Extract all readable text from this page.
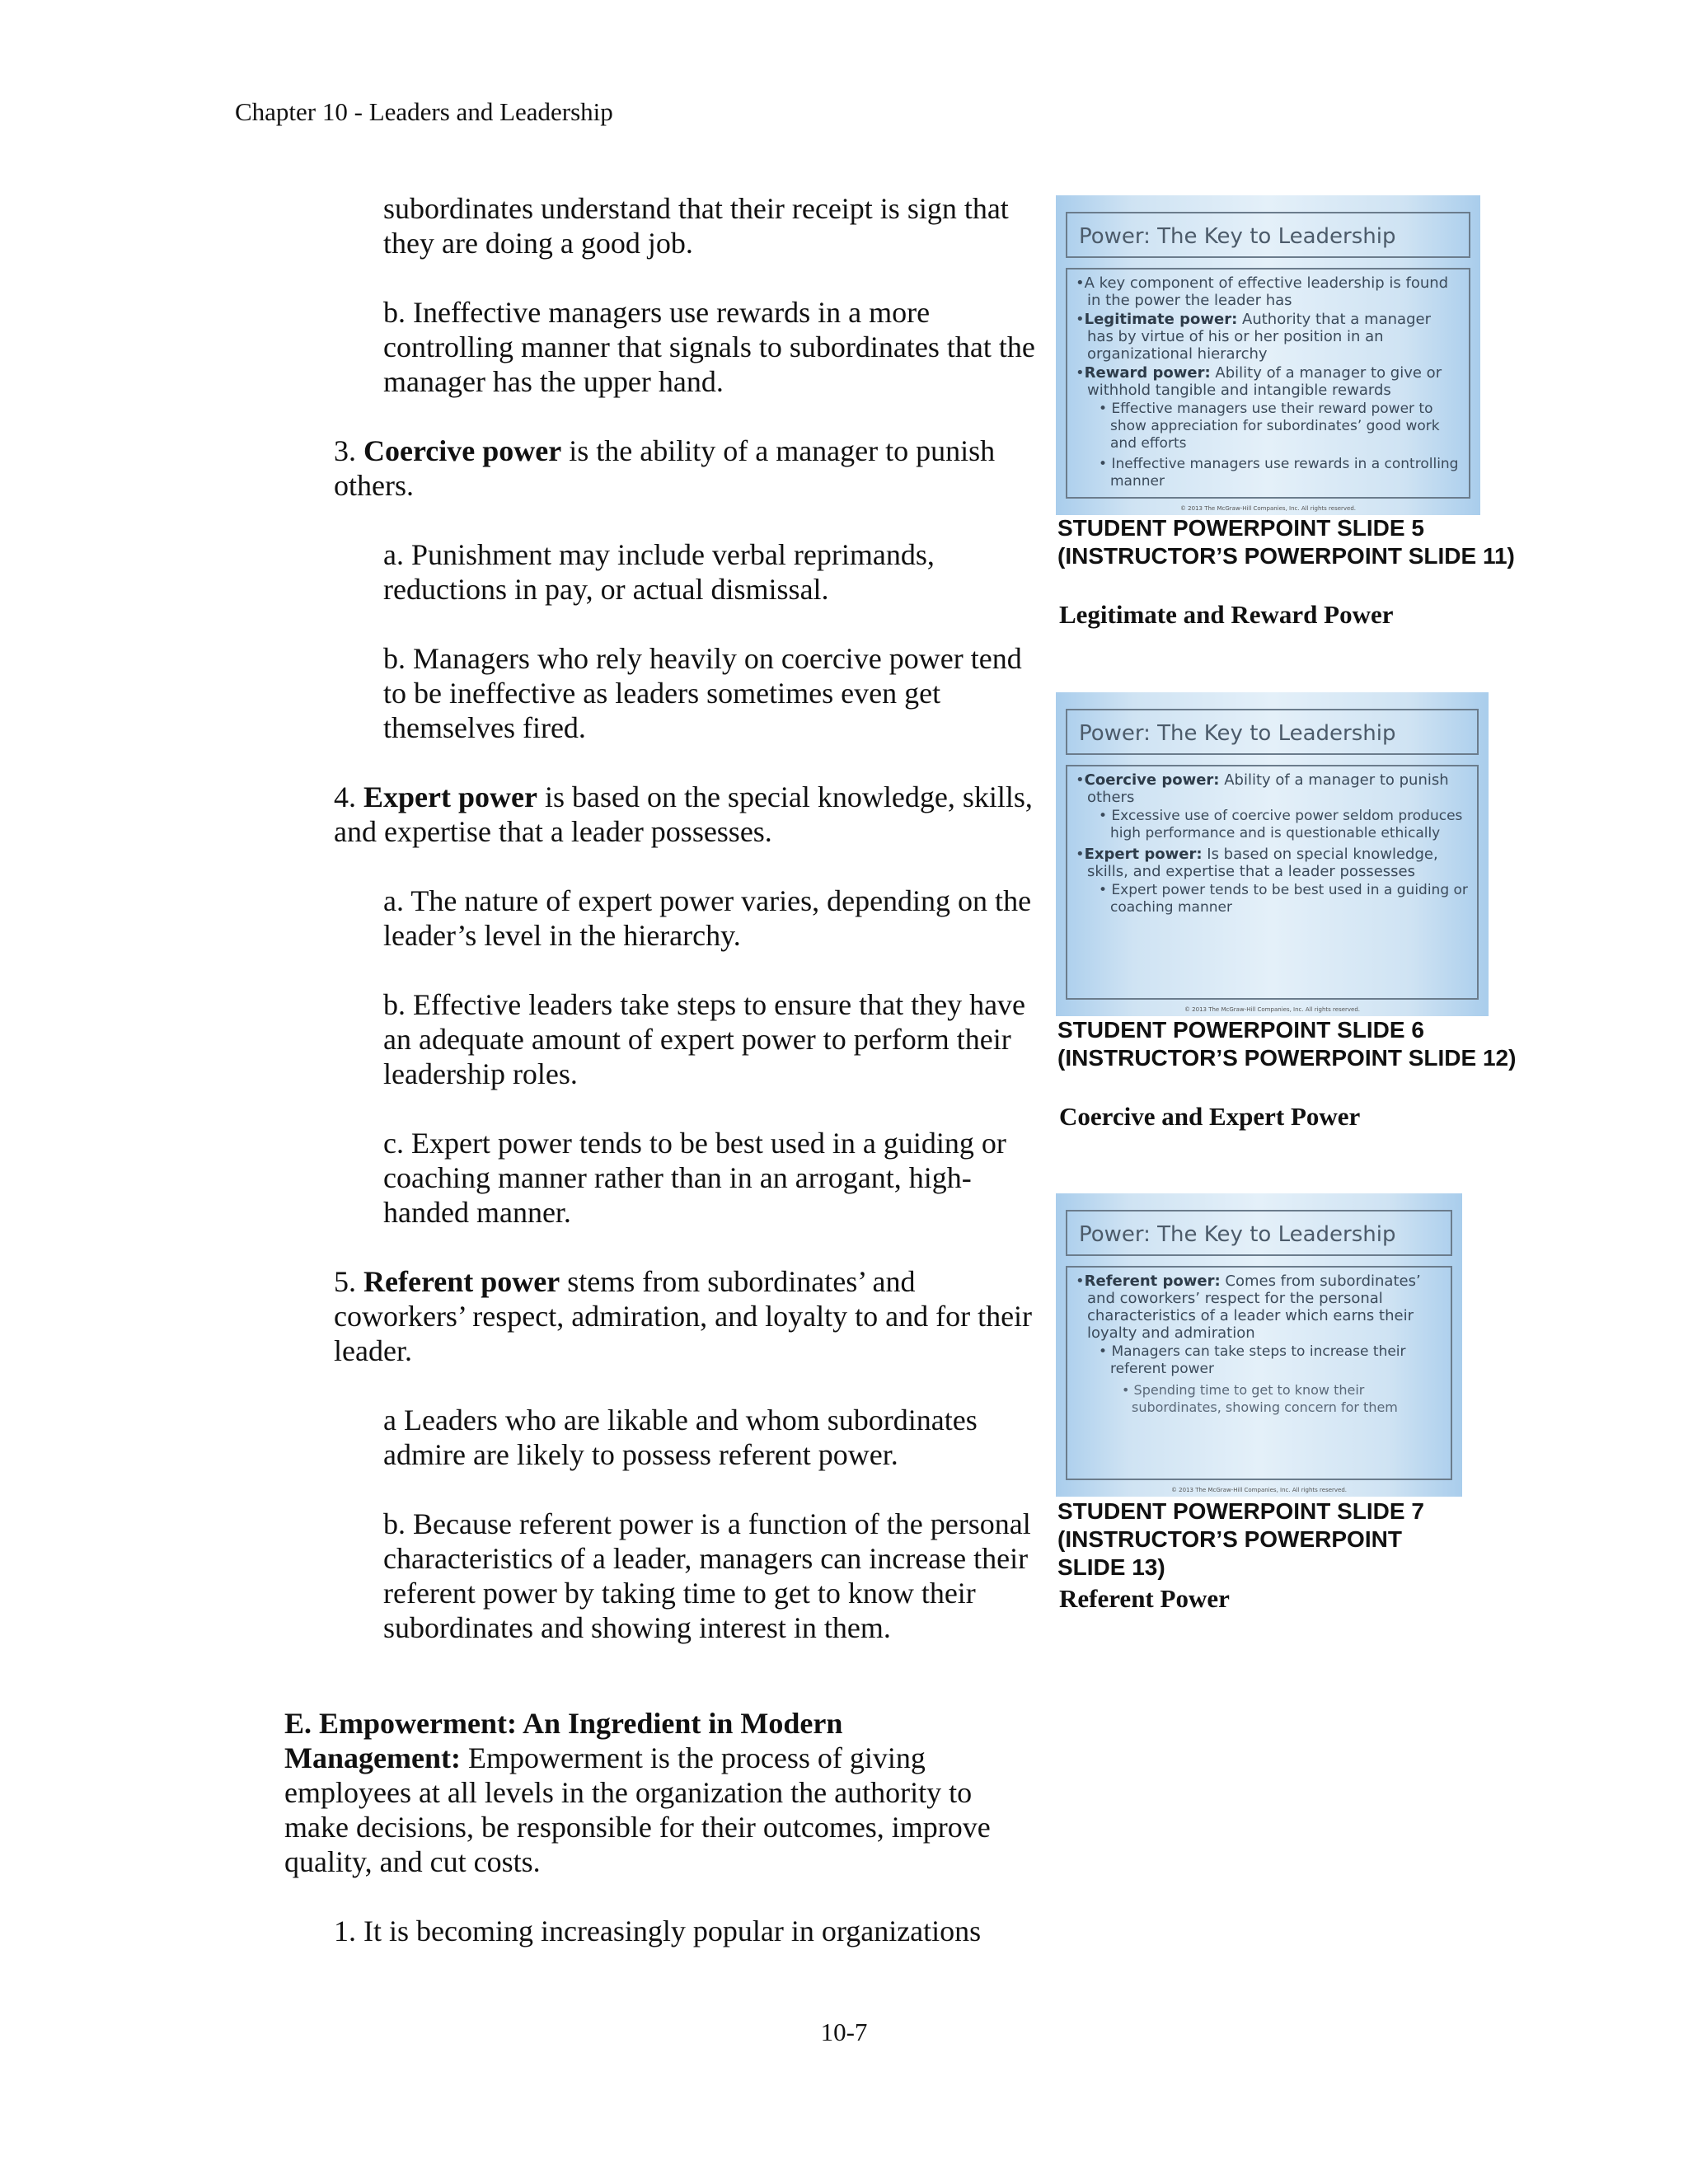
Chapter 10 - Leaders and Leadership

subordinates understand that their receipt is sign that they are doing a good job.

b. Ineffective managers use rewards in a more controlling manner that signals to subordinates that the manager has the upper hand.

3. Coercive power is the ability of a manager to punish others.

a. Punishment may include verbal reprimands, reductions in pay, or actual dismissal.

b. Managers who rely heavily on coercive power tend to be ineffective as leaders sometimes even get themselves fired.

4. Expert power is based on the special knowledge, skills, and expertise that a leader possesses.

a. The nature of expert power varies, depending on the leader’s level in the hierarchy.

b. Effective leaders take steps to ensure that they have an adequate amount of expert power to perform their leadership roles.

c. Expert power tends to be best used in a guiding or coaching manner rather than in an arrogant, high-handed manner.

5. Referent power stems from subordinates’ and coworkers’ respect, admiration, and loyalty to and for their leader.

a Leaders who are likable and whom subordinates admire are likely to possess referent power.

b. Because referent power is a function of the personal characteristics of a leader, managers can increase their referent power by taking time to get to know their subordinates and showing interest in them.

E. Empowerment: An Ingredient in Modern Management: Empowerment is the process of giving employees at all levels in the organization the authority to make decisions, be responsible for their outcomes, improve quality, and cut costs.

1. It is becoming increasingly popular in organizations

Power: The Key to Leadership
•A key component of effective leadership is found in the power the leader has
•Legitimate power: Authority that a manager has by virtue of his or her position in an organizational hierarchy
•Reward power: Ability of a manager to give or withhold tangible and intangible rewards
• Effective managers use their reward power to show appreciation for subordinates’ good work and efforts
• Ineffective managers use rewards in a controlling manner
© 2013 The McGraw-Hill Companies, Inc. All rights reserved.
STUDENT POWERPOINT SLIDE 5 (INSTRUCTOR’S POWERPOINT SLIDE 11)
Legitimate and Reward Power
Power: The Key to Leadership
•Coercive power: Ability of a manager to punish others
• Excessive use of coercive power seldom produces high performance and is questionable ethically
•Expert power: Is based on special knowledge, skills, and expertise that a leader possesses
• Expert power tends to be best used in a guiding or coaching manner
© 2013 The McGraw-Hill Companies, Inc. All rights reserved.
STUDENT POWERPOINT SLIDE 6 (INSTRUCTOR’S POWERPOINT SLIDE 12)
Coercive and Expert Power
Power: The Key to Leadership
•Referent power: Comes from subordinates’ and coworkers’ respect for the personal characteristics of a leader which earns their loyalty and admiration
• Managers can take steps to increase their referent power
• Spending time to get to know their subordinates, showing concern for them
© 2013 The McGraw-Hill Companies, Inc. All rights reserved.
STUDENT POWERPOINT SLIDE 7 (INSTRUCTOR’S POWERPOINT SLIDE 13)
Referent Power
10-7
